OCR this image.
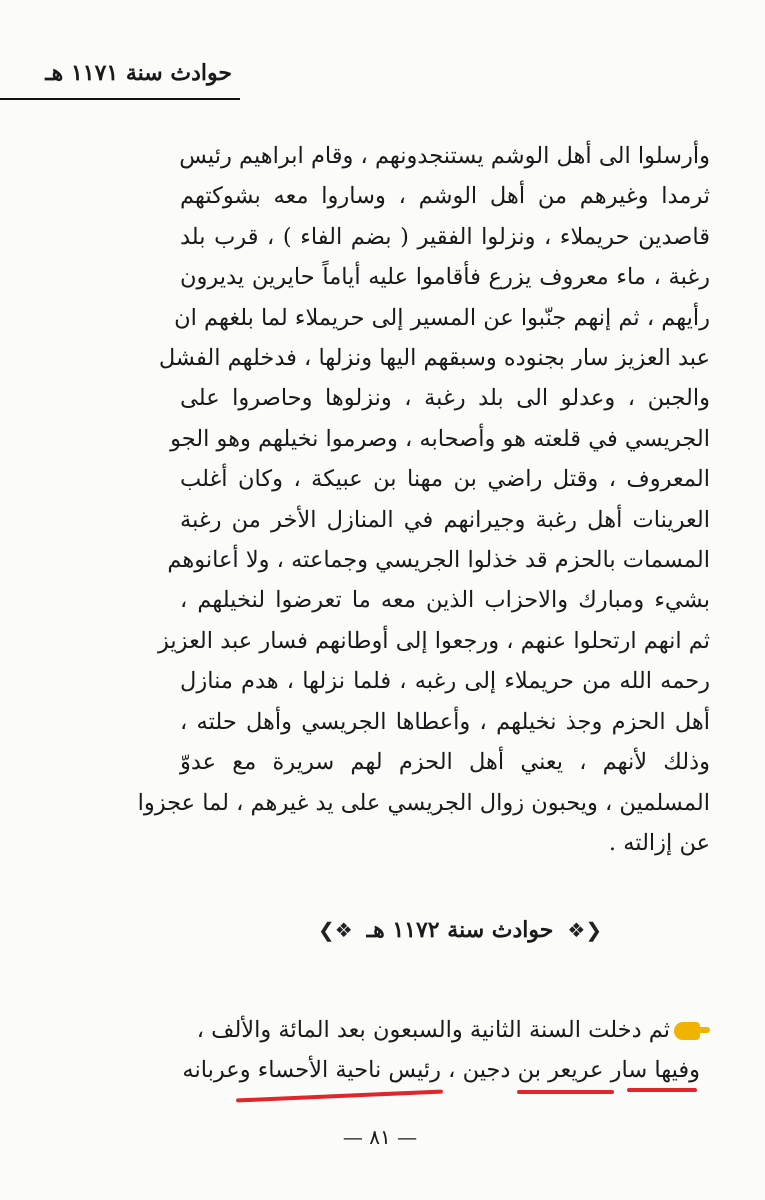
حوادث سنة ١١٧١ هـ
وأرسلوا الى أهل الوشم يستنجدونهم ، وقام ابراهيم رئيس
ثرمدا وغيرهم من أهل الوشم ، وساروا معه بشوكتهم
قاصدين حريملاء ، ونزلوا الفقير ( بضم الفاء ) ، قرب بلد
رغبة ، ماء معروف يزرع فأقاموا عليه أياماً حايرين يديرون
رأيهم ، ثم إنهم جنّبوا عن المسير إلى حريملاء لما بلغهم ان
عبد العزيز سار بجنوده وسبقهم اليها ونزلها ، فدخلهم الفشل
والجبن ، وعدلو الى بلد رغبة ، ونزلوها وحاصروا على
الجريسي في قلعته هو وأصحابه ، وصرموا نخيلهم وهو الجو
المعروف ، وقتل راضي بن مهنا بن عبيكة ، وكان أغلب
العرينات أهل رغبة وجيرانهم في المنازل الأخر من رغبة
المسمات بالحزم قد خذلوا الجريسي وجماعته ، ولا أعانوهم
بشيء ومبارك والاحزاب الذين معه ما تعرضوا لنخيلهم ،
ثم انهم ارتحلوا عنهم ، ورجعوا إلى أوطانهم فسار عبد العزيز
رحمه الله من حريملاء إلى رغبه ، فلما نزلها ، هدم منازل
أهل الحزم وجذ نخيلهم ، وأعطاها الجريسي وأهل حلته ،
وذلك لأنهم ، يعني أهل الحزم لهم سريرة مع عدوّ
المسلمين ، ويحبون زوال الجريسي على يد غيرهم ، لما عجزوا
عن إزالته .
❮❖
حوادث سنة ١١٧٢ هـ
❖❯
ثم دخلت السنة الثانية والسبعون بعد المائة والألف ،
وفيها سار عريعر بن دجين ، رئيس ناحية الأحساء وعربانه
— ٨١ —
